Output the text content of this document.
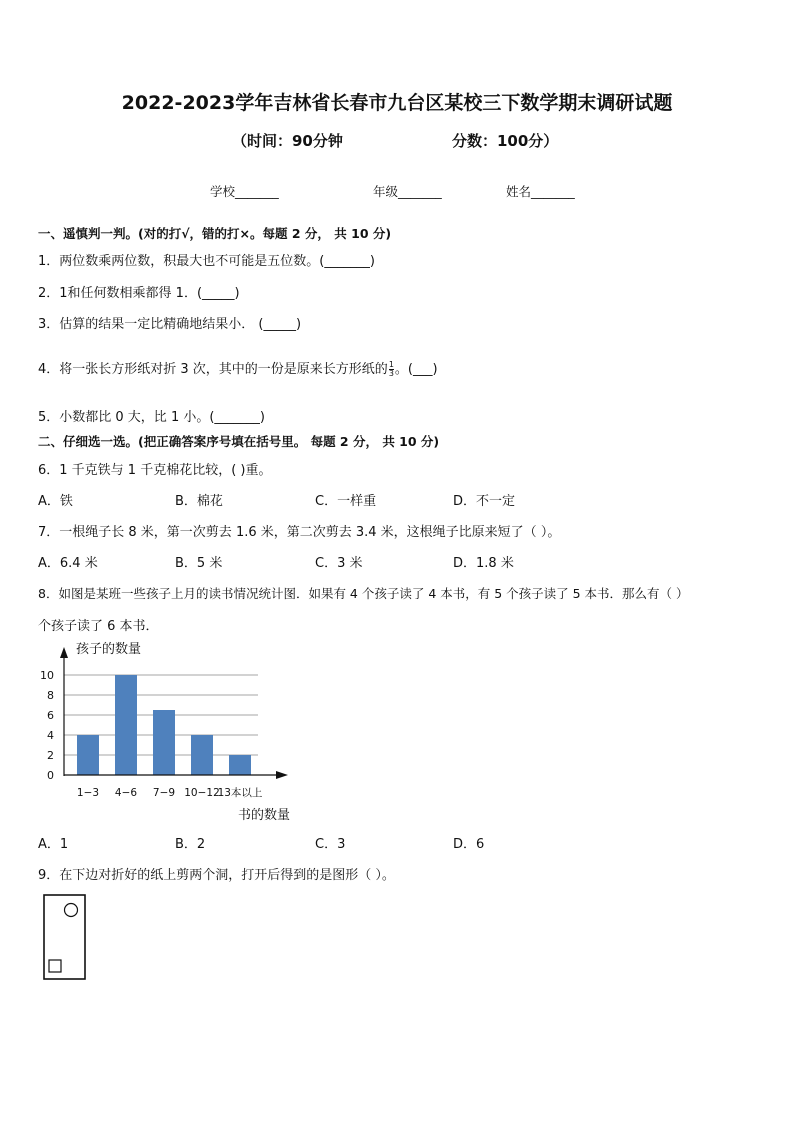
2022-2023学年吉林省长春市九台区某校三下数学期末调研试题
（时间：90分钟	分数：100分）
学校_______	年级_______	姓名_______
一、遥慎判一判。(对的打√，错的打×。每题 2 分， 共 10 分)
1．两位数乘两位数，积最大也不可能是五位数。(_______)
2．1和任何数相乘都得 1．(_____)
3．估算的结果一定比精确地结果小． (_____)
4．将一张长方形纸对折 3 次，其中的一份是原来长方形纸的 $\frac{1}{3}$ 。(___)
5．小数都比 0 大，比 1 小。(_______)
二、仔细选一选。(把正确答案序号填在括号里。 每题 2 分， 共 10 分)
6．1 千克铁与 1 千克棉花比较，( )重。
A．铁	B．棉花	C．一样重	D．不一定
7．一根绳子长 8 米，第一次剪去 1.6 米，第二次剪去 3.4 米，这根绳子比原来短了（ ）。
A．6.4 米	B．5 米	C．3 米	D．1.8 米
8．如图是某班一些孩子上月的读书情况统计图．如果有 4 个孩子读了 4 本书，有 5 个孩子读了 5 本书．那么有（ ）
个孩子读了 6 本书．
0
2
4
6
8
10
1−3 4−6 7−9 10−12
13本以上
孩子的数量
书的数量
A．1	B．2	C．3	D．6
9．在下边对折好的纸上剪两个洞，打开后得到的是图形（ ）。
